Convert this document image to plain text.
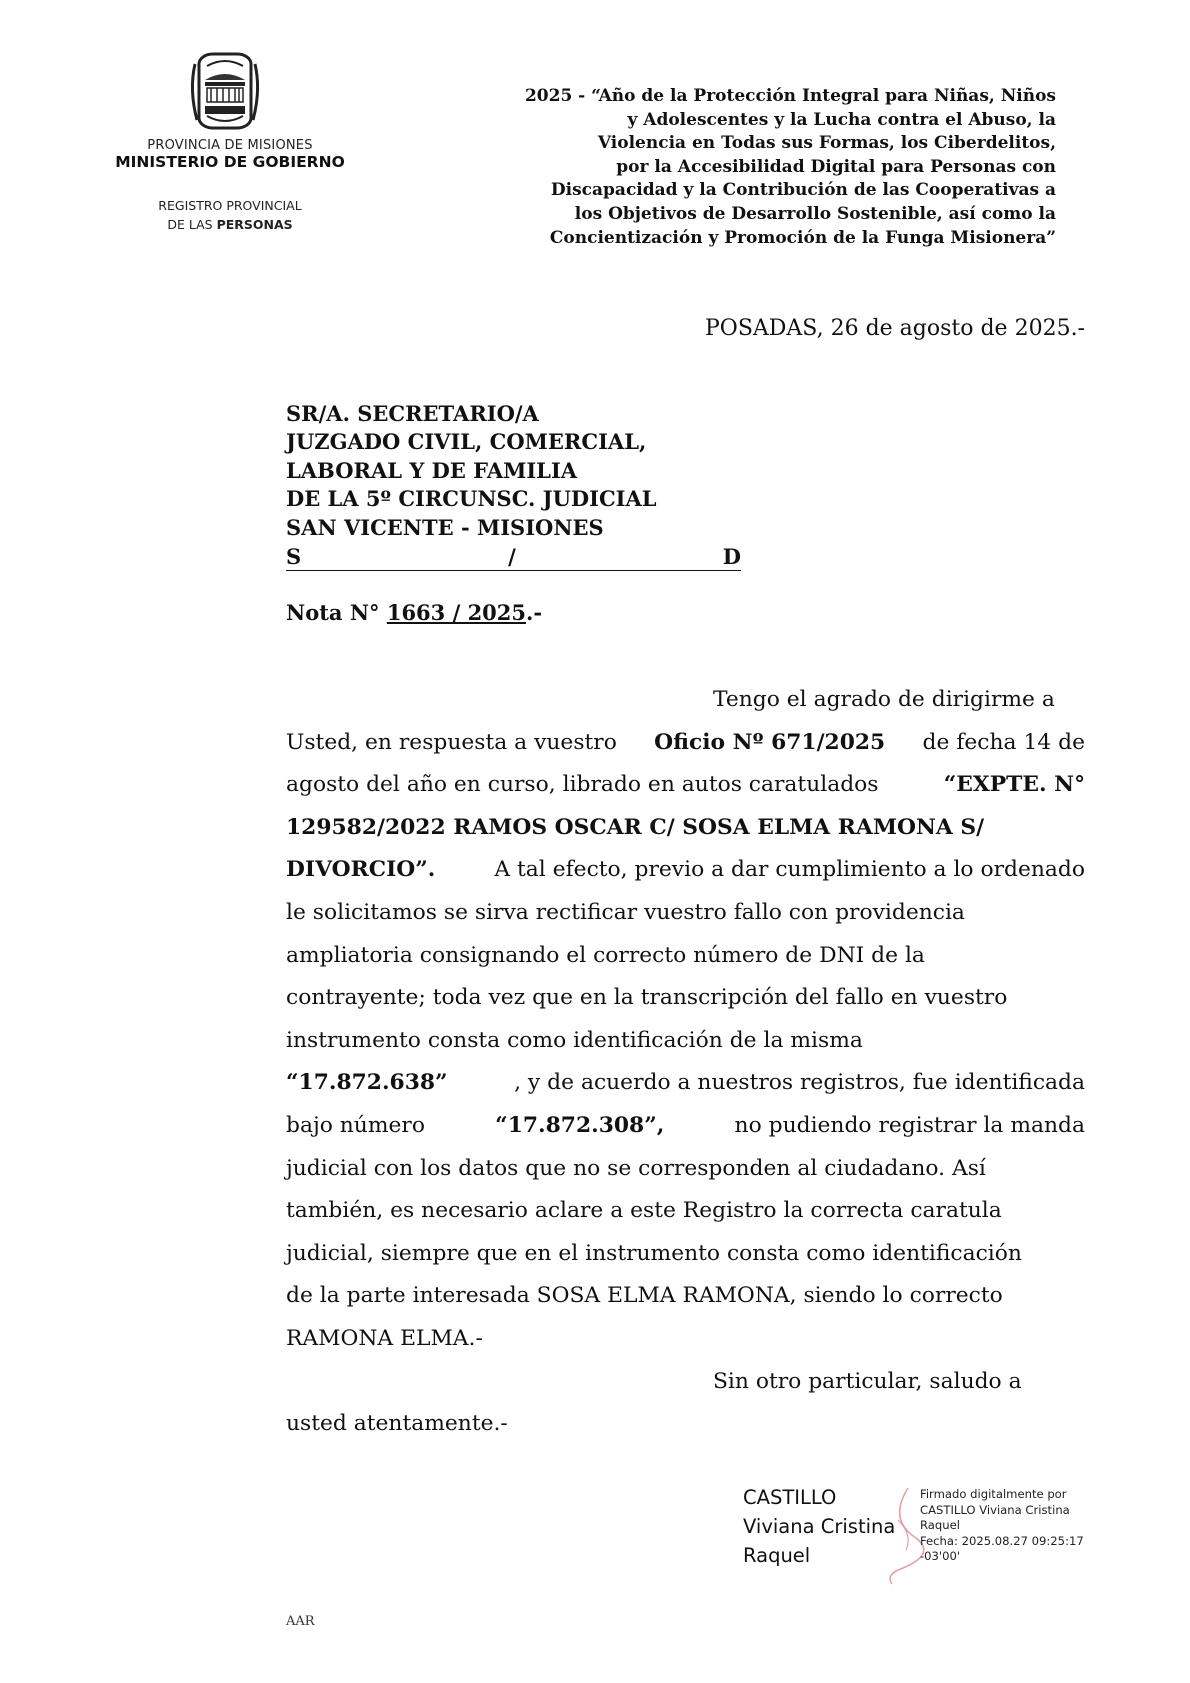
PROVINCIA DE MISIONES
MINISTERIO DE GOBIERNO
REGISTRO PROVINCIAL
DE LAS PERSONAS
2025 - “Año de la Protección Integral para Niñas, Niños
y Adolescentes y la Lucha contra el Abuso, la
Violencia en Todas sus Formas, los Ciberdelitos,
por la Accesibilidad Digital para Personas con
Discapacidad y la Contribución de las Cooperativas a
los Objetivos de Desarrollo Sostenible, así como la
Concientización y Promoción de la Funga Misionera”
POSADAS, 26 de agosto de 2025.-
SR/A. SECRETARIO/A
JUZGADO CIVIL, COMERCIAL,
LABORAL Y DE FAMILIA
DE LA 5º CIRCUNSC. JUDICIAL
SAN VICENTE - MISIONES
S	/	D
Nota N° 1663 / 2025.-
Tengo el agrado de dirigirme a
Usted, en respuesta a vuestro Oficio Nº 671/2025 de fecha 14 de
agosto del año en curso, librado en autos caratulados	“EXPTE. N°
129582/2022 RAMOS OSCAR C/ SOSA ELMA RAMONA S/
DIVORCIO”.	A tal efecto, previo a dar cumplimiento a lo ordenado
le solicitamos se sirva rectificar vuestro fallo con providencia
ampliatoria consignando el correcto número de DNI de la
contrayente; toda vez que en la transcripción del fallo en vuestro
instrumento consta como identificación de la misma
“17.872.638”	, y de acuerdo a nuestros registros, fue identificada
bajo número	“17.872.308”,	no pudiendo registrar la manda
judicial con los datos que no se corresponden al ciudadano. Así
también, es necesario aclare a este Registro la correcta caratula
judicial, siempre que en el instrumento consta como identificación
de la parte interesada SOSA ELMA RAMONA, siendo lo correcto
RAMONA ELMA.-
Sin otro particular, saludo a
usted atentamente.-
CASTILLO
Viviana Cristina
Raquel
Firmado digitalmente por
CASTILLO Viviana Cristina
Raquel
Fecha: 2025.08.27 09:25:17
-03'00'
AAR
